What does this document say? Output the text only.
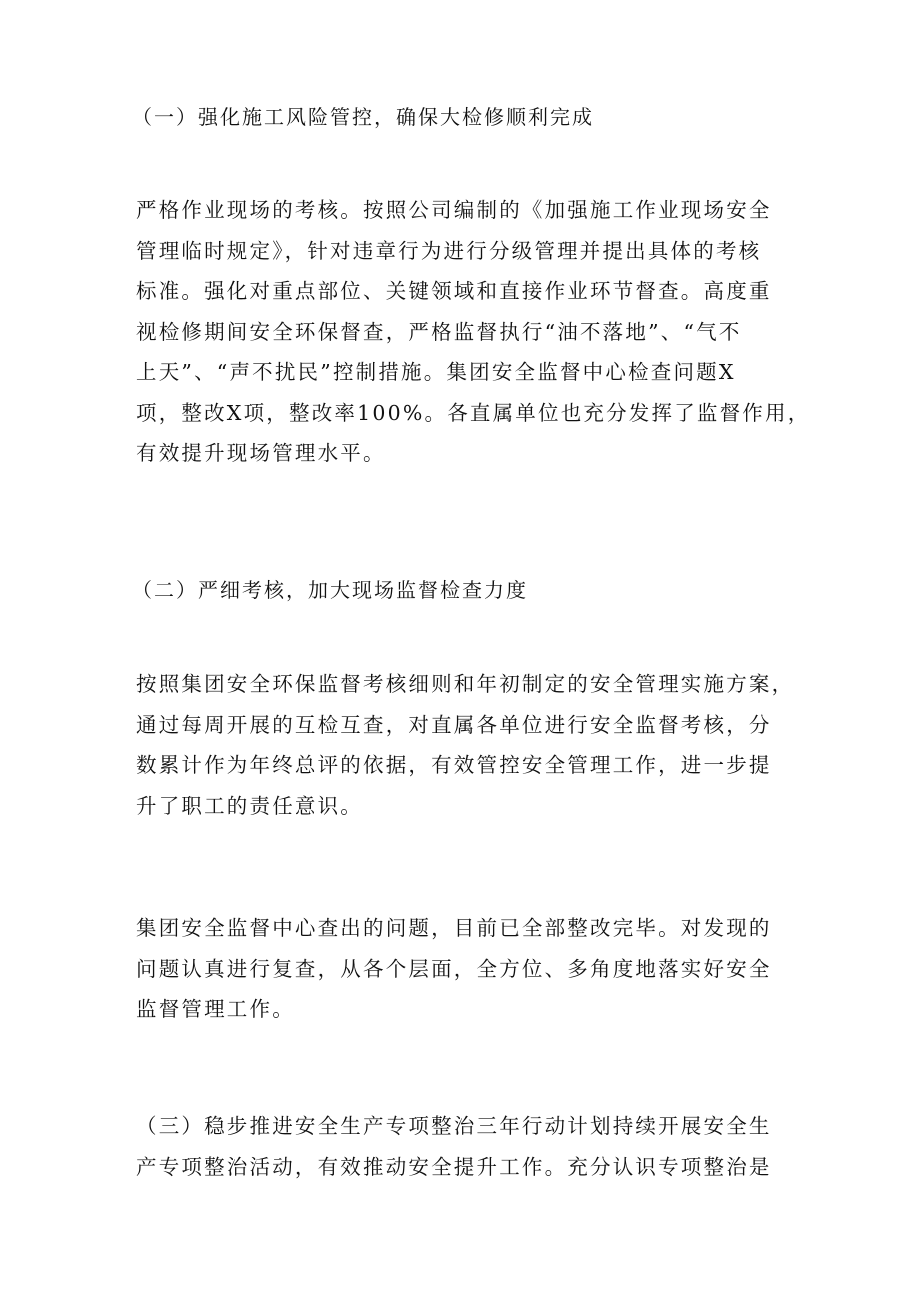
（一）强化施工风险管控，确保大检修顺利完成
严格作业现场的考核。按照公司编制的《加强施工作业现场安全
管理临时规定》，针对违章行为进行分级管理并提出具体的考核
标准。强化对重点部位、关键领域和直接作业环节督查。高度重
视检修期间安全环保督查，严格监督执行“油不落地”、“气不
上天”、“声不扰民”控制措施。集团安全监督中心检查问题X
项，整改X项，整改率100%。各直属单位也充分发挥了监督作用，
有效提升现场管理水平。
（二）严细考核，加大现场监督检查力度
按照集团安全环保监督考核细则和年初制定的安全管理实施方案，
通过每周开展的互检互查，对直属各单位进行安全监督考核，分
数累计作为年终总评的依据，有效管控安全管理工作，进一步提
升了职工的责任意识。
集团安全监督中心查出的问题，目前已全部整改完毕。对发现的
问题认真进行复查，从各个层面，全方位、多角度地落实好安全
监督管理工作。
（三）稳步推进安全生产专项整治三年行动计划持续开展安全生
产专项整治活动，有效推动安全提升工作。充分认识专项整治是
